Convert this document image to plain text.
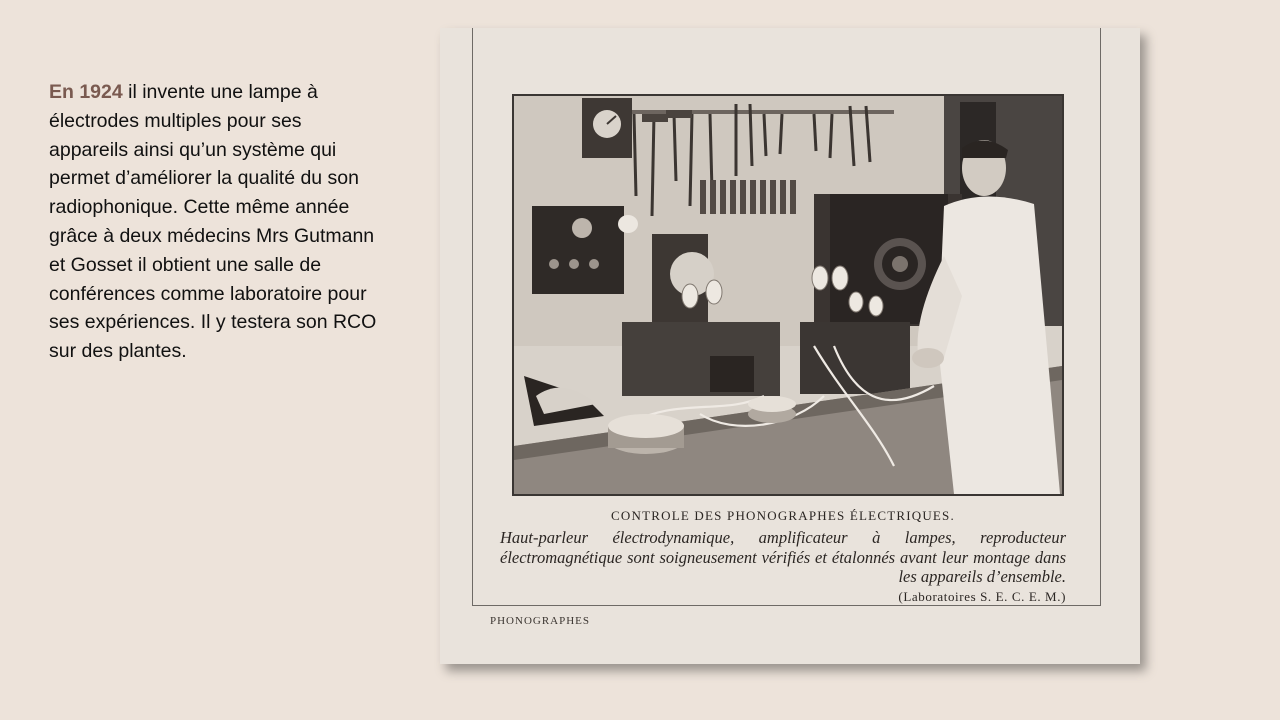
En 1924 il invente une lampe à électrodes multiples pour ses appareils ainsi qu’un système qui permet d’améliorer la qualité du son radiophonique. Cette même année grâce à deux médecins Mrs Gutmann et Gosset il obtient une salle de conférences comme laboratoire pour ses expériences. Il y testera son RCO sur des plantes.
CONTROLE DES PHONOGRAPHES ÉLECTRIQUES.

Haut-parleur électrodynamique, amplificateur à lampes, reproducteur électromagnétique sont soigneusement vérifiés et étalonnés avant leur montage dans les appareils d’ensemble.

(Laboratoires S. E. C. E. M.)
PHONOGRAPHES
